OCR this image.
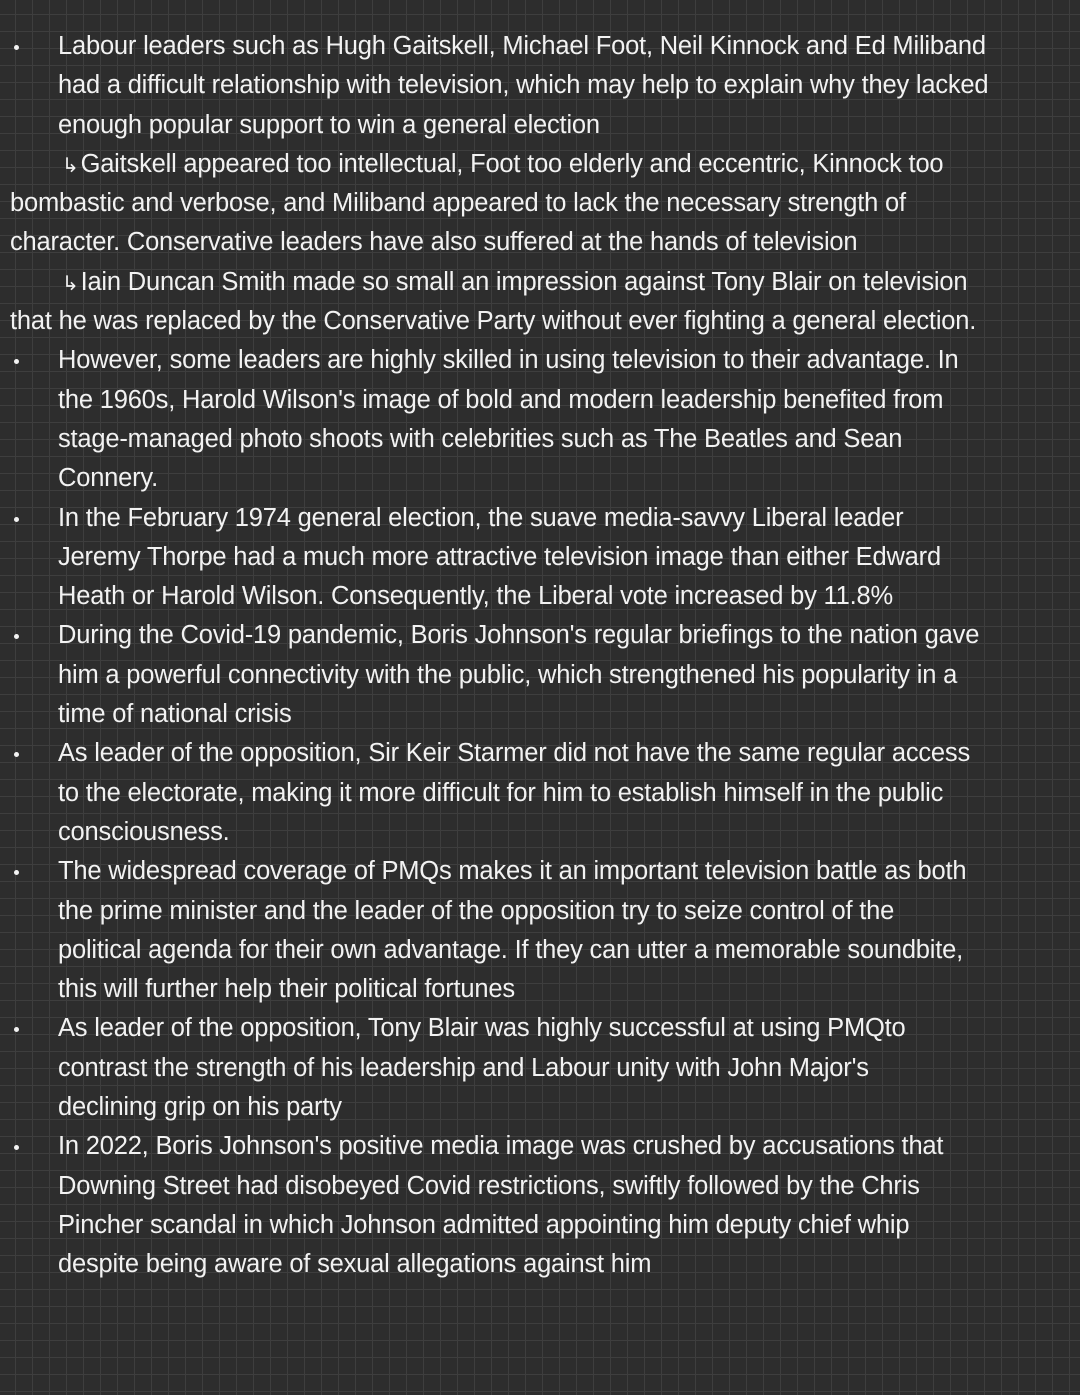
Labour leaders such as Hugh Gaitskell, Michael Foot, Neil Kinnock and Ed Miliband
had a difficult relationship with television, which may help to explain why they lacked
enough popular support to win a general election
↳Gaitskell appeared too intellectual, Foot too elderly and eccentric, Kinnock too
bombastic and verbose, and Miliband appeared to lack the necessary strength of
character. Conservative leaders have also suffered at the hands of television
↳Iain Duncan Smith made so small an impression against Tony Blair on television
that he was replaced by the Conservative Party without ever fighting a general election.
However, some leaders are highly skilled in using television to their advantage. In
the 1960s, Harold Wilson's image of bold and modern leadership benefited from
stage-managed photo shoots with celebrities such as The Beatles and Sean
Connery.
In the February 1974 general election, the suave media-savvy Liberal leader
Jeremy Thorpe had a much more attractive television image than either Edward
Heath or Harold Wilson. Consequently, the Liberal vote increased by 11.8%
During the Covid-19 pandemic, Boris Johnson's regular briefings to the nation gave
him a powerful connectivity with the public, which strengthened his popularity in a
time of national crisis
As leader of the opposition, Sir Keir Starmer did not have the same regular access
to the electorate, making it more difficult for him to establish himself in the public
consciousness.
The widespread coverage of PMQs makes it an important television battle as both
the prime minister and the leader of the opposition try to seize control of the
political agenda for their own advantage. If they can utter a memorable soundbite,
this will further help their political fortunes
As leader of the opposition, Tony Blair was highly successful at using PMQto
contrast the strength of his leadership and Labour unity with John Major's
declining grip on his party
In 2022, Boris Johnson's positive media image was crushed by accusations that
Downing Street had disobeyed Covid restrictions, swiftly followed by the Chris
Pincher scandal in which Johnson admitted appointing him deputy chief whip
despite being aware of sexual allegations against him
